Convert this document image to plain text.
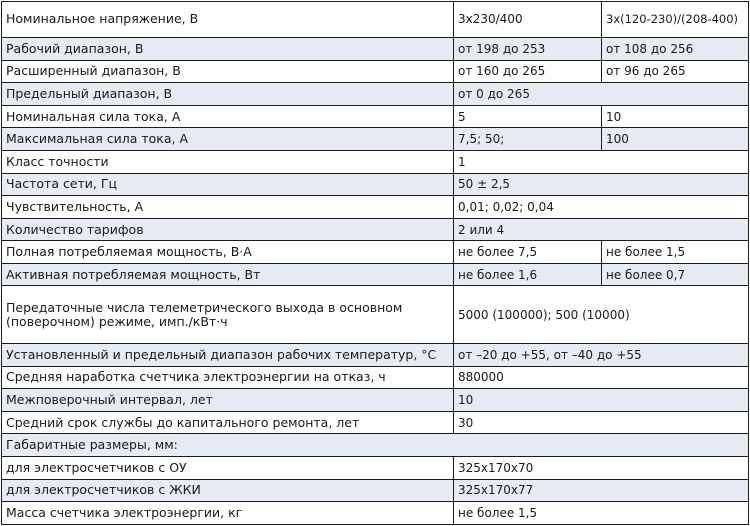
Номинальное напряжение, В	3x230/400	3x(120-230)/(208-400)
Рабочий диапазон, В	от 198 до 253	от 108 до 256
Расширенный диапазон, В	от 160 до 265	от 96 до 265
Предельный диапазон, В	от 0 до 265	
Номинальная сила тока, А	5	10
Максимальная сила тока, А	7,5; 50;	100
Класс точности	1	
Частота сети, Гц	50 ± 2,5	
Чувствительность, А	0,01; 0,02; 0,04	
Количество тарифов	2 или 4	
Полная потребляемая мощность, В·А	не более 7,5	не более 1,5
Активная потребляемая мощность, Вт	не более 1,6	не более 0,7
Передаточные числа телеметрического выхода в основном (поверочном) режиме, имп./кВт·ч	5000 (100000); 500 (10000)	
Установленный и предельный диапазон рабочих температур, °С	от –20 до +55, от –40 до +55	
Средняя наработка счетчика электроэнергии на отказ, ч	880000	
Межповерочный интервал, лет	10	
Средний срок службы до капитального ремонта, лет	30	
Габаритные размеры, мм:		
для электросчетчиков с ОУ	325x170x70	
для электросчетчиков с ЖКИ	325x170x77	
Масса счетчика электроэнергии, кг	не более 1,5	
